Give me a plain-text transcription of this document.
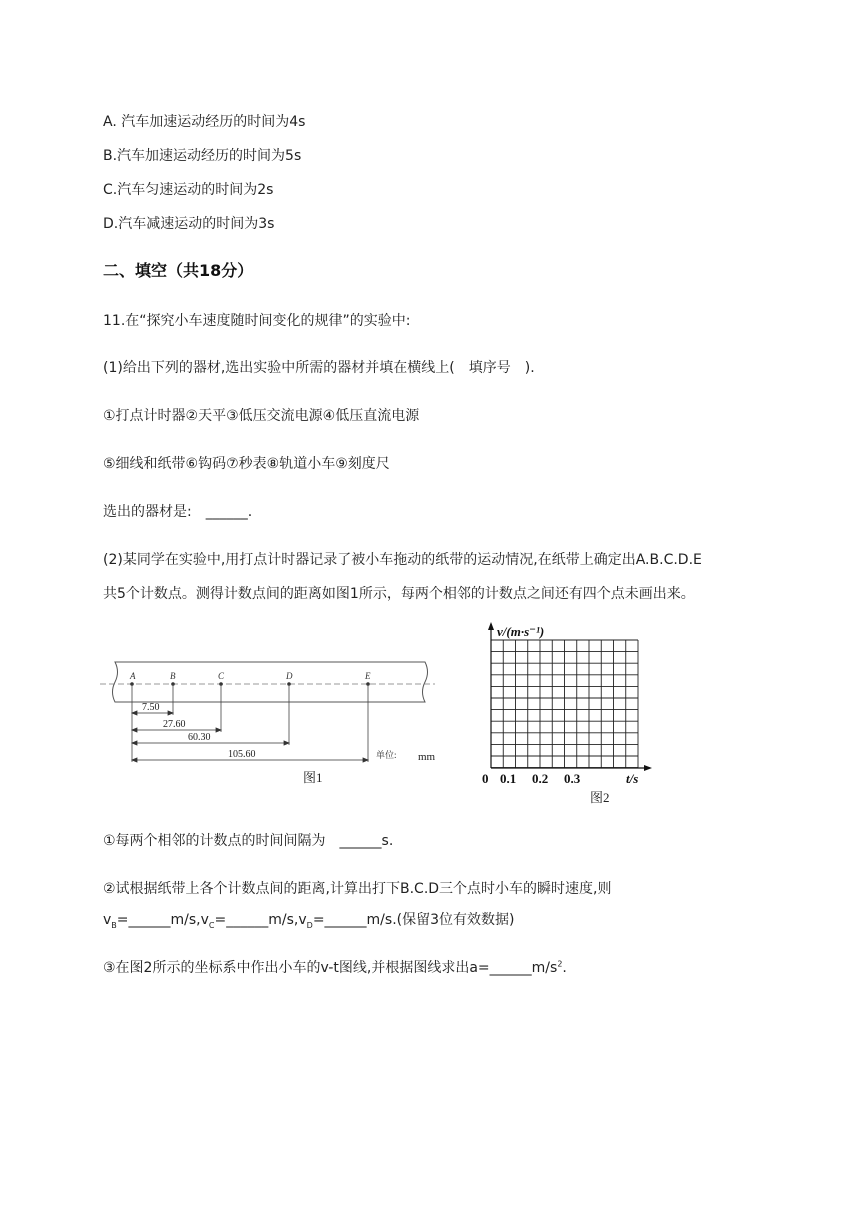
A. 汽车加速运动经历的时间为4s
B.汽车加速运动经历的时间为5s
C.汽车匀速运动的时间为2s
D.汽车减速运动的时间为3s
二、填空（共18分）
11.在“探究小车速度随时间变化的规律”的实验中:
(1)给出下列的器材,选出实验中所需的器材并填在横线上(　填序号　).
①打点计时器②天平③低压交流电源④低压直流电源
⑤细线和纸带⑥钩码⑦秒表⑧轨道小车⑨刻度尺
选出的器材是:　______.
(2)某同学在实验中,用打点计时器记录了被小车拖动的纸带的运动情况,在纸带上确定出A.B.C.D.E
共5个计数点。测得计数点间的距离如图1所示，每两个相邻的计数点之间还有四个点未画出来。
A	B	C	D	E
7.50
27.60
60.30
105.60	单位: mm
图1
v/(m·s⁻¹)
0 0.1 0.2 0.3	t/s
图2
①每两个相邻的计数点的时间间隔为　______s.
②试根据纸带上各个计数点间的距离,计算出打下B.C.D三个点时小车的瞬时速度,则
$v_B=\_\_\_\_\_\_m/s,v_C=\_\_\_\_\_\_m/s,v_D=\_\_\_\_\_\_m/s$.(保留3位有效数据)
③在图2所示的坐标系中作出小车的v-t图线,并根据图线求出$a=\_\_\_\_\_\_m/s^2$.
